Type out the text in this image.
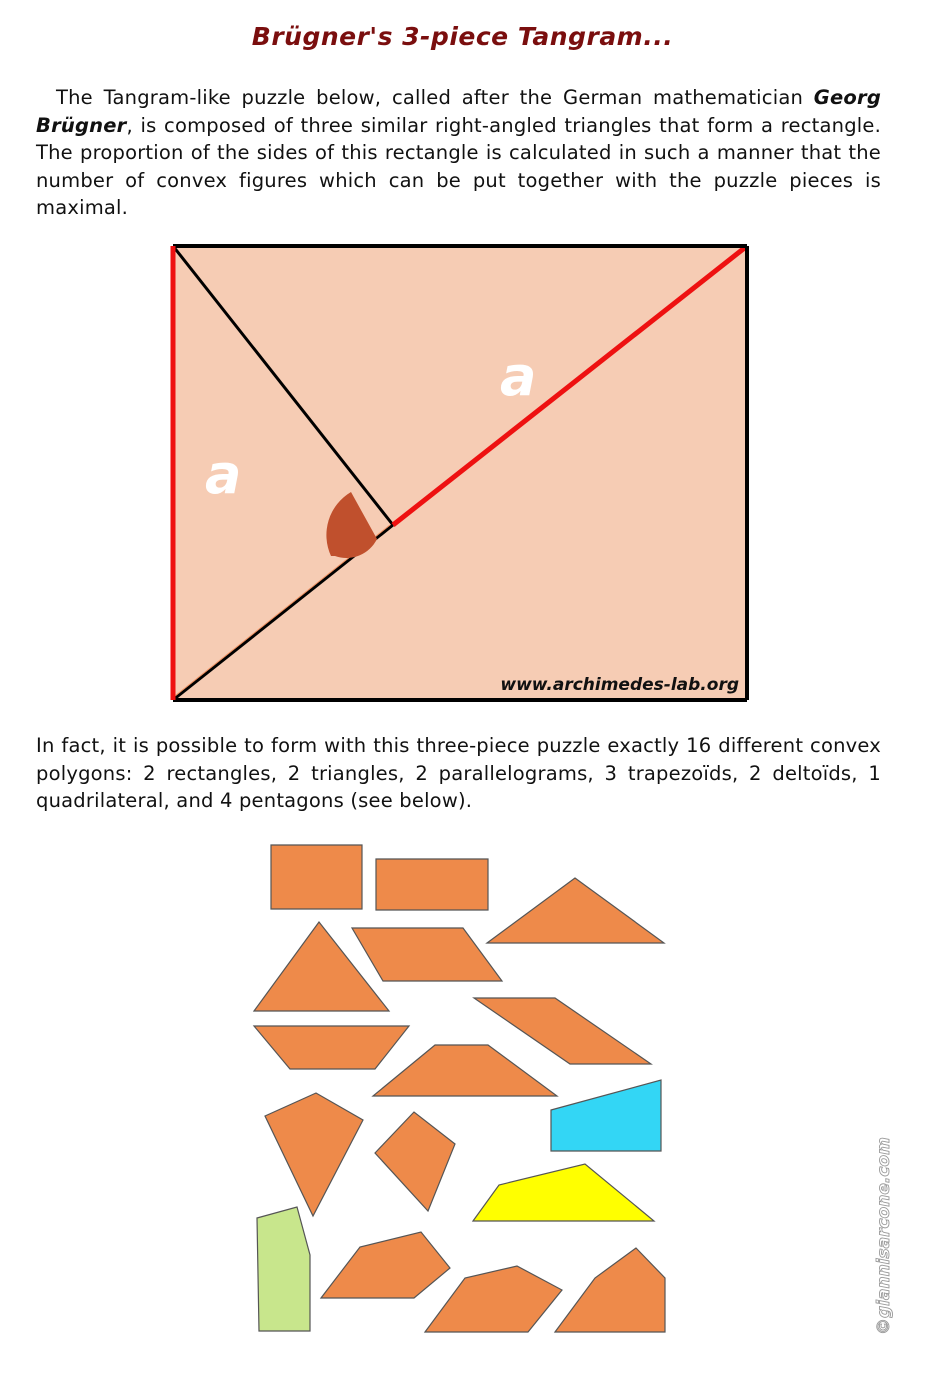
Brügner's 3-piece Tangram...

The Tangram-like puzzle below, called after the German mathematician Georg Brügner, is composed of three similar right-angled triangles that form a rectangle. The proportion of the sides of this rectangle is calculated in such a manner that the number of convex figures which can be put together with the puzzle pieces is maximal.

a
a
www.archimedes-lab.org

In fact, it is possible to form with this three-piece puzzle exactly 16 different convex polygons: 2 rectangles, 2 triangles, 2 parallelograms, 3 trapezoïds, 2 deltoïds, 1 quadrilateral, and 4 pentagons (see below).

©giannisarcone.com
